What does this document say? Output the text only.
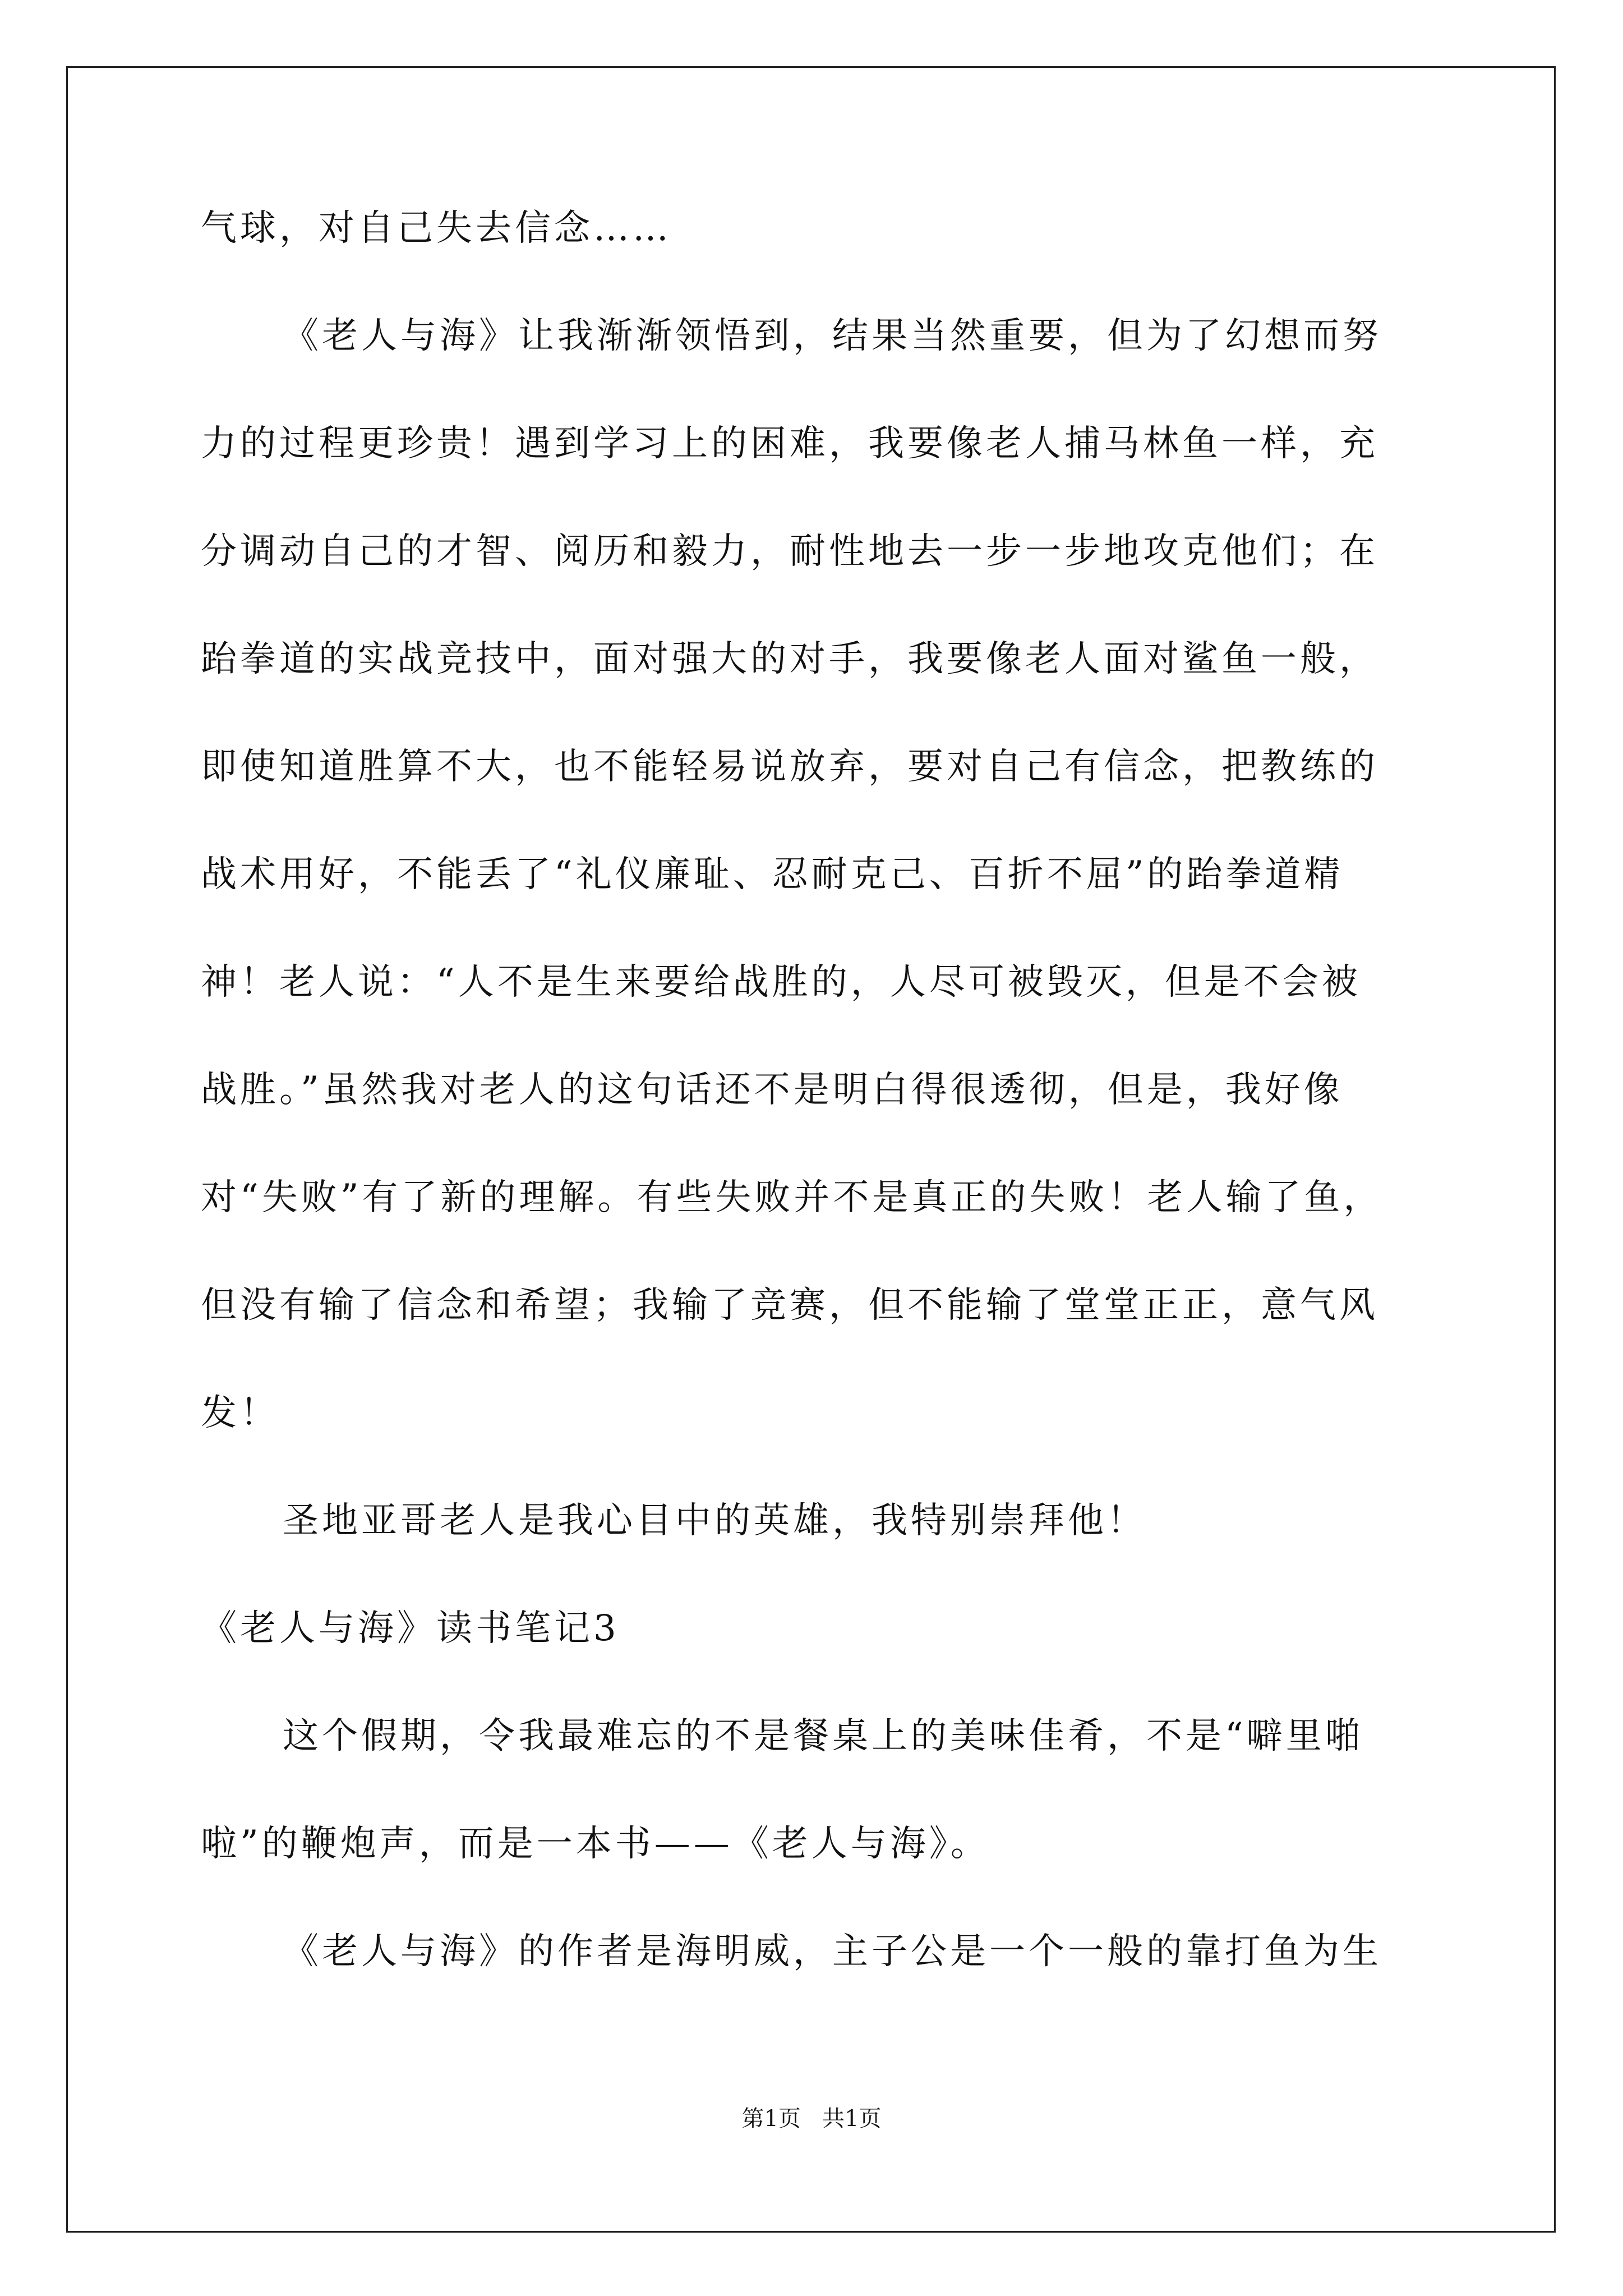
气球，对自己失去信念……
《老人与海》让我渐渐领悟到，结果当然重要，但为了幻想而努
力的过程更珍贵！遇到学习上的困难，我要像老人捕马林鱼一样，充
分调动自己的才智、阅历和毅力，耐性地去一步一步地攻克他们；在
跆拳道的实战竞技中，面对强大的对手，我要像老人面对鲨鱼一般，
即使知道胜算不大，也不能轻易说放弃，要对自己有信念，把教练的
战术用好，不能丢了“礼仪廉耻、忍耐克己、百折不屈”的跆拳道精
神！老人说：“人不是生来要给战胜的，人尽可被毁灭，但是不会被
战胜。”虽然我对老人的这句话还不是明白得很透彻，但是，我好像
对“失败”有了新的理解。有些失败并不是真正的失败！老人输了鱼，
但没有输了信念和希望；我输了竞赛，但不能输了堂堂正正，意气风
发！
圣地亚哥老人是我心目中的英雄，我特别崇拜他！
《老人与海》读书笔记3
这个假期，令我最难忘的不是餐桌上的美味佳肴，不是“噼里啪
啦”的鞭炮声，而是一本书——《老人与海》。
《老人与海》的作者是海明威，主子公是一个一般的靠打鱼为生
第1页   共1页
